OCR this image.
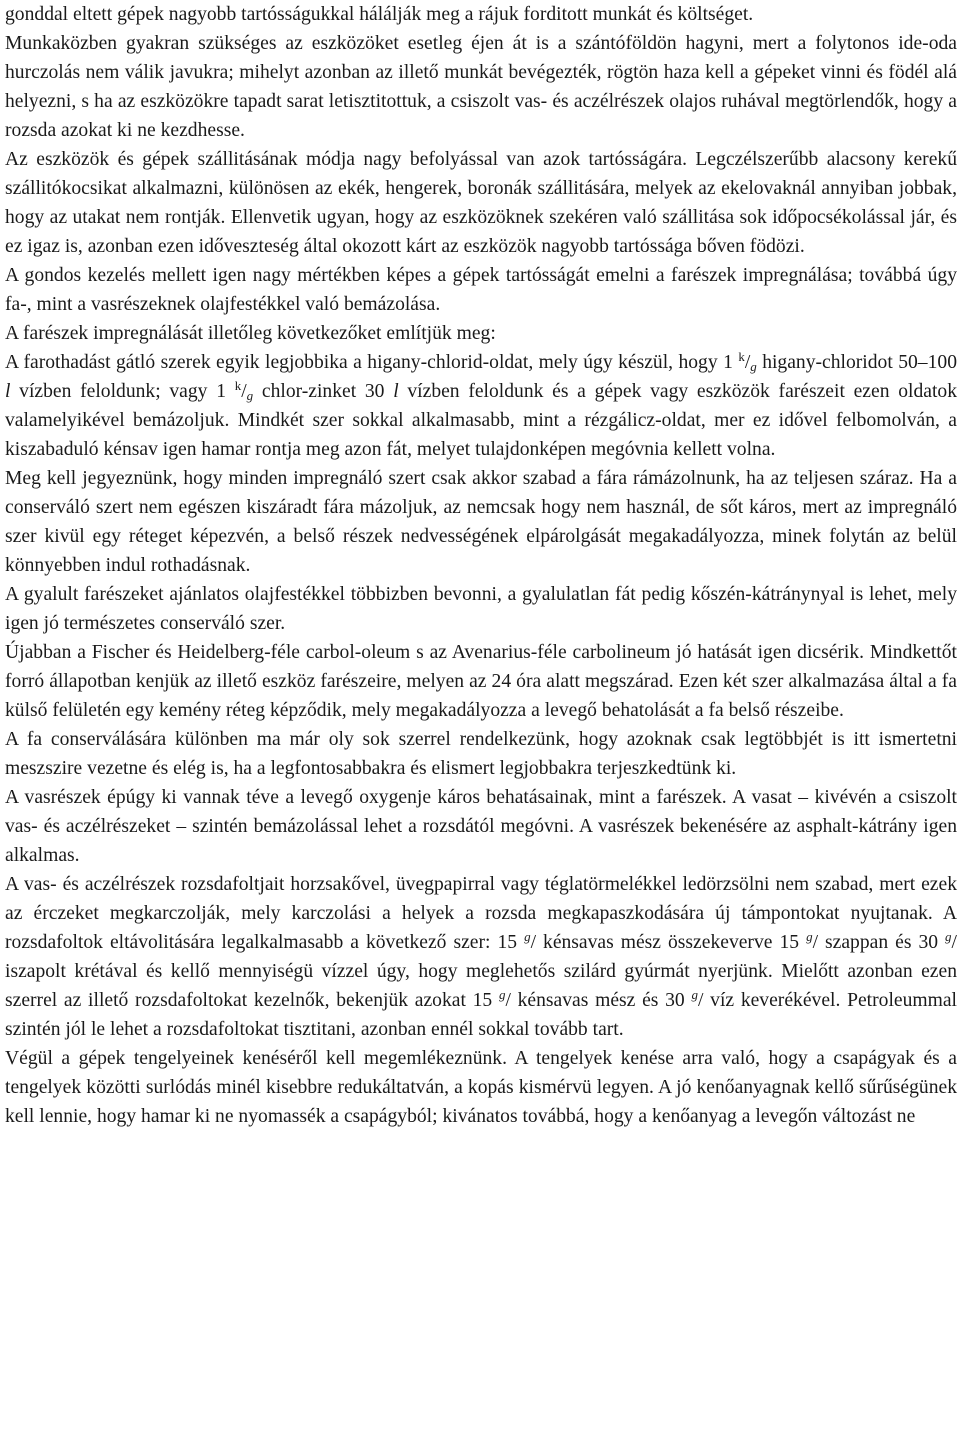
gonddal eltett gépek nagyobb tartósságukkal hálálják meg a rájuk forditott munkát és költséget.

Munkaközben gyakran szükséges az eszközöket esetleg éjen át is a szántóföldön hagyni, mert a folytonos ide-oda hurczolás nem válik javukra; mihelyt azonban az illető munkát bevégezték, rögtön haza kell a gépeket vinni és födél alá helyezni, s ha az eszközökre tapadt sarat letisztitottuk, a csiszolt vas- és aczélrészek olajos ruhával megtörlendők, hogy a rozsda azokat ki ne kezdhesse.

Az eszközök és gépek szállitásának módja nagy befolyással van azok tartósságára. Legczélszerűbb alacsony kerekű szállitókocsikat alkalmazni, különösen az ekék, hengerek, boronák szállitására, melyek az ekelovaknál annyiban jobbak, hogy az utakat nem rontják. Ellenvetik ugyan, hogy az eszközöknek szekéren való szállitása sok időpocsékolással jár, és ez igaz is, azonban ezen időveszteség által okozott kárt az eszközök nagyobb tartóssága bőven födözi.

A gondos kezelés mellett igen nagy mértékben képes a gépek tartósságát emelni a farészek impregnálása; továbbá úgy fa-, mint a vasrészeknek olajfestékkel való bemázolása.

A farészek impregnálását illetőleg következőket említjük meg:

A farothadást gátló szerek egyik legjobbika a higany-chlorid-oldat, mely úgy készül, hogy 1 $^k/_g$ higany-chloridot 50–100 l vízben feloldunk; vagy 1 $^k/_g$ chlor-zinket 30 l vízben feloldunk és a gépek vagy eszközök farészeit ezen oldatok valamelyikével bemázoljuk. Mindkét szer sokkal alkalmasabb, mint a rézgálicz-oldat, mer ez idővel felbomolván, a kiszabaduló kénsav igen hamar rontja meg azon fát, melyet tulajdonképen megóvnia kellett volna.

Meg kell jegyeznünk, hogy minden impregnáló szert csak akkor szabad a fára rámázolnunk, ha az teljesen száraz. Ha a conserváló szert nem egészen kiszáradt fára mázoljuk, az nemcsak hogy nem használ, de sőt káros, mert az impregnáló szer kivül egy réteget képezvén, a belső részek nedvességének elpárolgását megakadályozza, minek folytán az belül könnyebben indul rothadásnak.

A gyalult farészeket ajánlatos olajfestékkel többizben bevonni, a gyalulatlan fát pedig kőszén-kátránynyal is lehet, mely igen jó természetes conserváló szer.

Újabban a Fischer és Heidelberg-féle carbol-oleum s az Avenarius-féle carbolineum jó hatását igen dicsérik. Mindkettőt forró állapotban kenjük az illető eszköz farészeire, melyen az 24 óra alatt megszárad. Ezen két szer alkalmazása által a fa külső felületén egy kemény réteg képződik, mely megakadályozza a levegő behatolását a fa belső részeibe.

A fa conserválására különben ma már oly sok szerrel rendelkezünk, hogy azoknak csak legtöbbjét is itt ismertetni meszszire vezetne és elég is, ha a legfontosabbakra és elismert legjobbakra terjeszkedtünk ki.

A vasrészek épúgy ki vannak téve a levegő oxygenje káros behatásainak, mint a farészek. A vasat – kivévén a csiszolt vas- és aczélrészeket – szintén bemázolással lehet a rozsdától megóvni. A vasrészek bekenésére az asphalt-kátrány igen alkalmas.

A vas- és aczélrészek rozsdafoltjait horzsakővel, üvegpapirral vagy téglatörmelékkel ledörzsölni nem szabad, mert ezek az érczeket megkarczolják, mely karczolási a helyek a rozsda megkapaszkodására új támpontokat nyujtanak. A rozsdafoltok eltávolitására legalkalmasabb a következő szer: 15 $^g$/ kénsavas mész összekeverve 15 $^g$/ szappan és 30 $^g$/ iszapolt krétával és kellő mennyiségü vízzel úgy, hogy meglehetős szilárd gyúrmát nyerjünk. Mielőtt azonban ezen szerrel az illető rozsdafoltokat kezelnők, bekenjük azokat 15 $^g$/ kénsavas mész és 30 $^g$/ víz keverékével. Petroleummal szintén jól le lehet a rozsdafoltokat tisztitani, azonban ennél sokkal tovább tart.

Végül a gépek tengelyeinek kenéséről kell megemlékeznünk. A tengelyek kenése arra való, hogy a csapágyak és a tengelyek közötti surlódás minél kisebbre redukáltatván, a kopás kismérvü legyen. A jó kenőanyagnak kellő sűrűségünek kell lennie, hogy hamar ki ne nyomassék a csapágyból; kivánatos továbbá, hogy a kenőanyag a levegőn változást ne
